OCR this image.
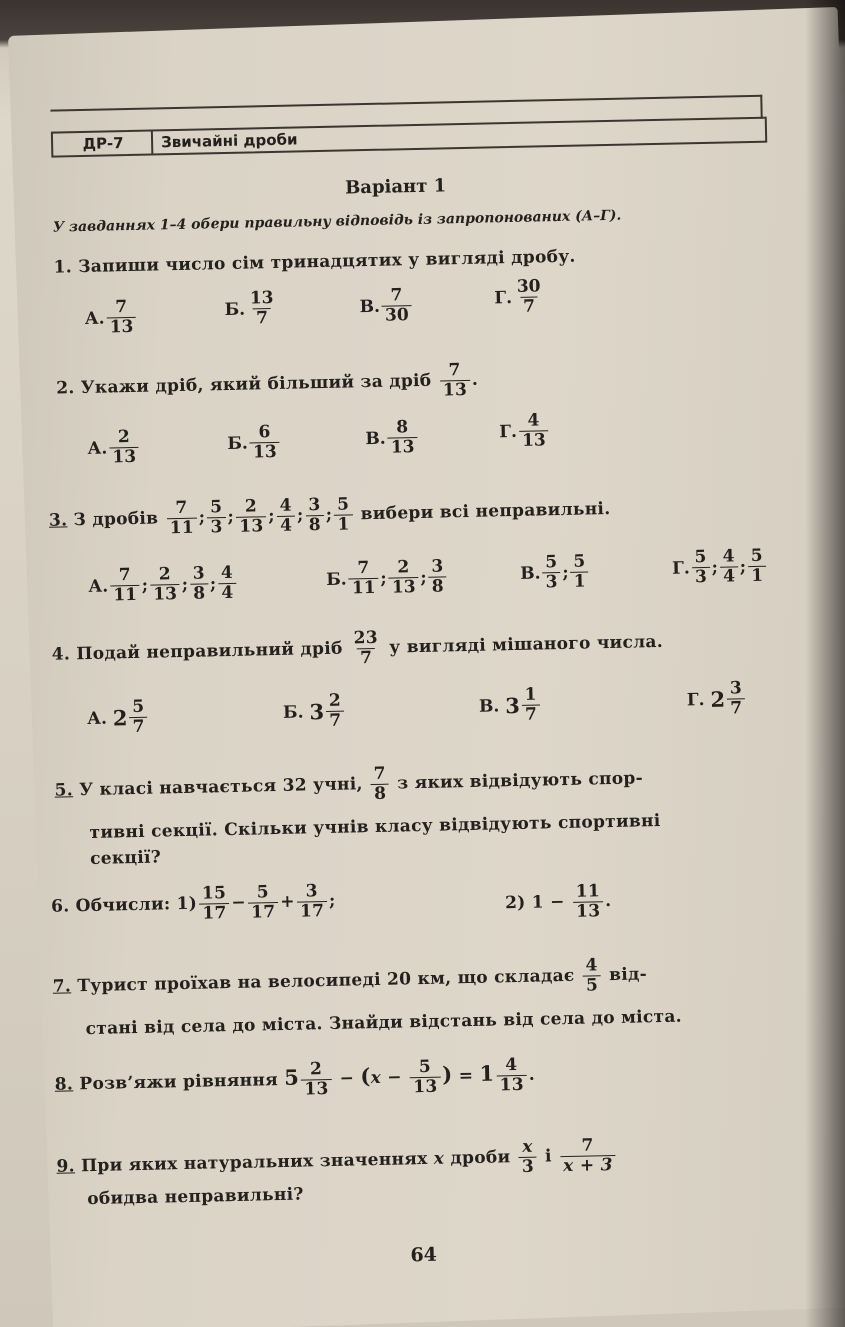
ДР-7	Звичайні дроби
Варіант 1
У завданнях 1–4 обери правильну відповідь із запропонованих (А–Г).
1. Запиши число сім тринадцятих у вигляді дробу.
А. $\frac{7}{13}$	Б. $\frac{13}{7}$	В. $\frac{7}{30}$	Г. $\frac{30}{7}$
2. Укажи дріб, який більший за дріб $\frac{7}{13}$ .
А. $\frac{2}{13}$	Б. $\frac{6}{13}$	В. $\frac{8}{13}$	Г. $\frac{4}{13}$
3. З дробів $\frac{7}{11}$ ; $\frac{5}{3}$ ; $\frac{2}{13}$ ; $\frac{4}{4}$ ; $\frac{3}{8}$ ; $\frac{5}{1}$ вибери всі неправильні.
А. $\frac{7}{11}$ ; $\frac{2}{13}$ ; $\frac{3}{8}$ ; $\frac{4}{4}$	Б. $\frac{7}{11}$ ; $\frac{2}{13}$ ; $\frac{3}{8}$	В. $\frac{5}{3}$ ; $\frac{5}{1}$	Г. $\frac{5}{3}$ ; $\frac{4}{4}$ ; $\frac{5}{1}$
4. Подай неправильний дріб $\frac{23}{7}$ у вигляді мішаного числа.
А.
$2 \frac{5}{7}$	Б.
$3 \frac{2}{7}$	В.
$3 \frac{1}{7}$	Г.
$2 \frac{3}{7}$
5. У класі навчається 32 учні, $\frac{7}{8}$ з яких відвідують спор-
тивні секції. Скільки учнів класу відвідують спортивні
секції?
6. Обчисли: $1) \frac{15}{17} - \frac{5}{17} + \frac{3}{17}$ ;	2) $1 - \frac{11}{13}$ .
7. Турист проїхав на велосипеді 20 км, що складає $\frac{4}{5} від-$
стані від села до міста. Знайди відстань від села до міста.
8. Розв’яжи рівняння $5 \frac{2}{13} - (x - \frac{5}{13}$ ) = $1 \frac{4}{13}$ .
9. При яких натуральних значеннях x дроби $\frac{x}{3}$ і $\frac{7}{x + 3}$
обидва неправильні?
64
